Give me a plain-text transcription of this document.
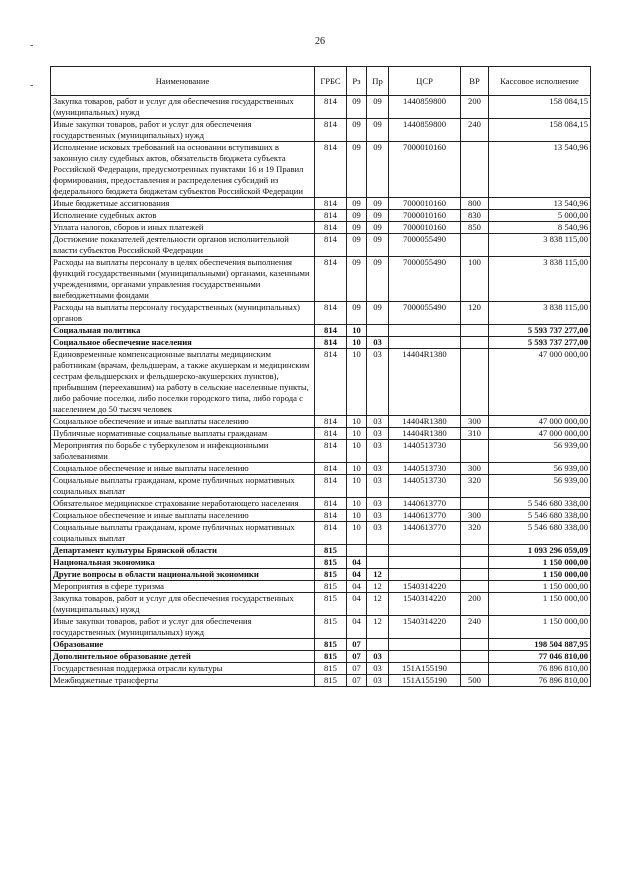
26
-
-	Наименование	ГРБС	Рз	Пр	ЦСР	ВР	Кассовое исполнение
Закупка товаров, работ и услуг для обеспечения государственных (муниципальных) нужд	814	09	09	1440859800	200	158 084,15
Иные закупки товаров, работ и услуг для обеспечения государственных (муниципальных) нужд	814	09	09	1440859800	240	158 084,15
Исполнение исковых требований на основании вступивших в законную силу судебных актов, обязательств бюджета субъекта Российской Федерации, предусмотренных пунктами 16 и 19 Правил формирования, предоставления и распределения субсидий из федерального бюджета бюджетам субъектов Российской Федерации	814	09	09	7000010160		13 540,96
Иные бюджетные ассигнования	814	09	09	7000010160	800	13 540,96
Исполнение судебных актов	814	09	09	7000010160	830	5 000,00
Уплата налогов, сборов и иных платежей	814	09	09	7000010160	850	8 540,96
Достижение показателей деятельности органов исполнительной власти субъектов Российской Федерации	814	09	09	7000055490		3 838 115,00
Расходы на выплаты персоналу в целях обеспечения выполнения функций государственными (муниципальными) органами, казенными учреждениями, органами управления государственными внебюджетными фондами	814	09	09	7000055490	100	3 838 115,00
Расходы на выплаты персоналу государственных (муниципальных) органов	814	09	09	7000055490	120	3 838 115,00
Социальная политика	814	10				5 593 737 277,00
Социальное обеспечение населения	814	10	03			5 593 737 277,00
Единовременные компенсационные выплаты медицинским работникам (врачам, фельдшерам, а также акушеркам и медицинским сестрам фельдшерских и фельдшерско-акушерских пунктов), прибывшим (переехавшим) на работу в сельские населенные пункты, либо рабочие поселки, либо поселки городского типа, либо города с населением до 50 тысяч человек	814	10	03	14404R1380		47 000 000,00
Социальное обеспечение и иные выплаты населению	814	10	03	14404R1380	300	47 000 000,00
Публичные нормативные социальные выплаты гражданам	814	10	03	14404R1380	310	47 000 000,00
Мероприятия по борьбе с туберкулезом и инфекционными заболеваниями	814	10	03	1440513730		56 939,00
Социальное обеспечение и иные выплаты населению	814	10	03	1440513730	300	56 939,00
Социальные выплаты гражданам, кроме публичных нормативных социальных выплат	814	10	03	1440513730	320	56 939,00
Обязательное медицинское страхование неработающего населения	814	10	03	1440613770		5 546 680 338,00
Социальное обеспечение и иные выплаты населению	814	10	03	1440613770	300	5 546 680 338,00
Социальные выплаты гражданам, кроме публичных нормативных социальных выплат	814	10	03	1440613770	320	5 546 680 338,00
Департамент культуры Брянской области	815					1 093 296 059,09
Национальная экономика	815	04				1 150 000,00
Другие вопросы в области национальной экономики	815	04	12			1 150 000,00
Мероприятия в сфере туризма	815	04	12	1540314220		1 150 000,00
Закупка товаров, работ и услуг для обеспечения государственных (муниципальных) нужд	815	04	12	1540314220	200	1 150 000,00
Иные закупки товаров, работ и услуг для обеспечения государственных (муниципальных) нужд	815	04	12	1540314220	240	1 150 000,00
Образование	815	07				198 504 887,95
Дополнительное образование детей	815	07	03			77 046 810,00
Государственная поддержка отрасли культуры	815	07	03	151A155190		76 896 810,00
Межбюджетные трансферты	815	07	03	151A155190	500	76 896 810,00
